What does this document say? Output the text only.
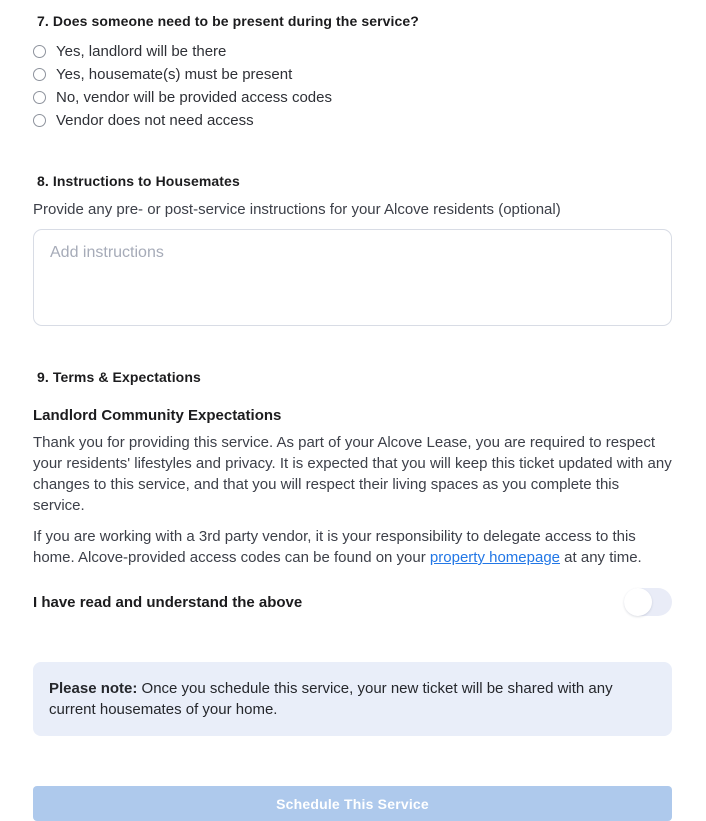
7. Does someone need to be present during the service?
Yes, landlord will be there
Yes, housemate(s) must be present
No, vendor will be provided access codes
Vendor does not need access
8. Instructions to Housemates
Provide any pre- or post-service instructions for your Alcove residents (optional)
Add instructions
9. Terms & Expectations
Landlord Community Expectations

Thank you for providing this service. As part of your Alcove Lease, you are required to respect your residents' lifestyles and privacy. It is expected that you will keep this ticket updated with any changes to this service, and that you will respect their living spaces as you complete this service.

If you are working with a 3rd party vendor, it is your responsibility to delegate access to this home. Alcove-provided access codes can be found on your property homepage at any time.

I have read and understand the above
Please note: Once you schedule this service, your new ticket will be shared with any current housemates of your home.
Schedule This Service
